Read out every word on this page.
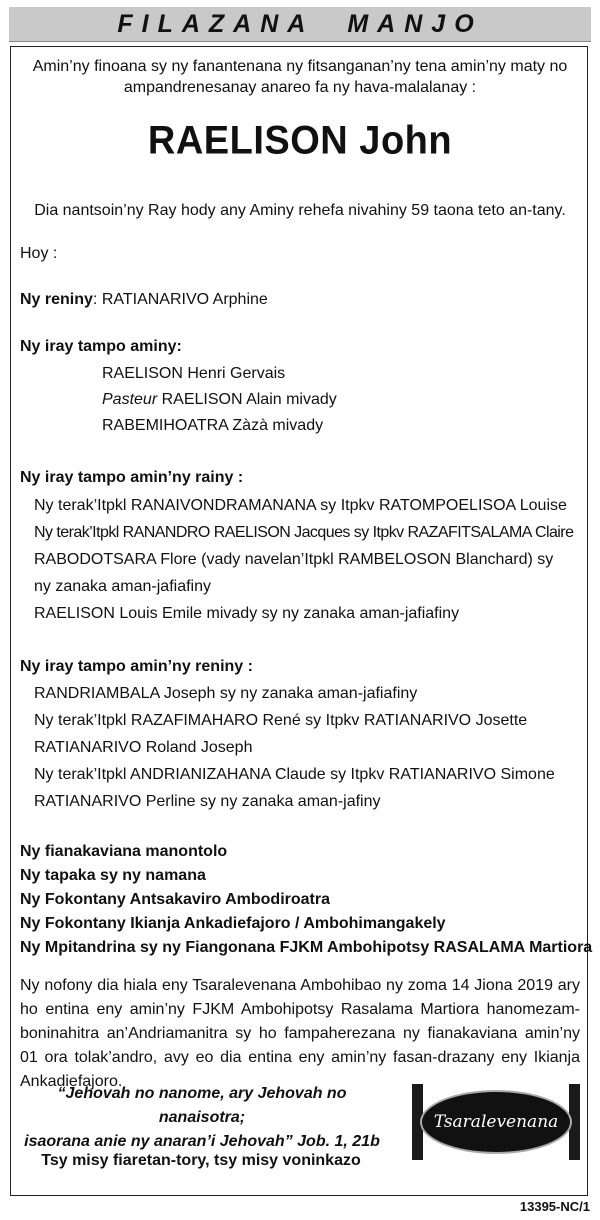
FILAZANA MANJO
Amin’ny finoana sy ny fanantenana ny fitsanganan’ny tena amin’ny maty no
ampandrenesanay anareo fa ny hava-malalanay :
RAELISON John
Dia nantsoin’ny Ray hody any Aminy rehefa nivahiny 59 taona teto an-tany.
Hoy :
Ny reniny: RATIANARIVO Arphine
Ny iray tampo aminy:
RAELISON Henri Gervais
Pasteur RAELISON Alain mivady
RABEMIHOATRA Zàzà mivady
Ny iray tampo amin’ny rainy :
Ny terak’Itpkl RANAIVONDRAMANANA sy Itpkv RATOMPOELISOA Louise
Ny terak’Itpkl RANANDRO RAELISON Jacques sy Itpkv RAZAFITSALAMA Claire
RABODOTSARA Flore (vady navelan’Itpkl RAMBELOSON Blanchard) sy
ny zanaka aman-jafiafiny
RAELISON Louis Emile mivady sy ny zanaka aman-jafiafiny
Ny iray tampo amin’ny reniny :
RANDRIAMBALA Joseph sy ny zanaka aman-jafiafiny
Ny terak’Itpkl RAZAFIMAHARO René sy Itpkv RATIANARIVO Josette
RATIANARIVO Roland Joseph
Ny terak’Itpkl ANDRIANIZAHANA Claude sy Itpkv RATIANARIVO Simone
RATIANARIVO Perline sy ny zanaka aman-jafiny
Ny fianakaviana manontolo
Ny tapaka sy ny namana
Ny Fokontany Antsakaviro Ambodiroatra
Ny Fokontany Ikianja Ankadiefajoro / Ambohimangakely
Ny Mpitandrina sy ny Fiangonana FJKM Ambohipotsy RASALAMA Martiora
Ny nofony dia hiala eny Tsaralevenana Ambohibao ny zoma 14 Jiona 2019 ary ho entina eny amin’ny FJKM Ambohipotsy Rasalama Martiora hanomezam-boninahitra an’Andriamanitra sy ho fampaherezana ny fianakaviana amin’ny 01 ora tolak’andro, avy eo dia entina eny amin’ny fasan-drazany eny Ikianja Ankadiefajoro.
“Jehovah no nanome, ary Jehovah no nanaisotra;
isaorana anie ny anaran’i Jehovah” Job. 1, 21b
Tsy misy fiaretan-tory, tsy misy voninkazo
Tsaralevenana
13395-NC/1
